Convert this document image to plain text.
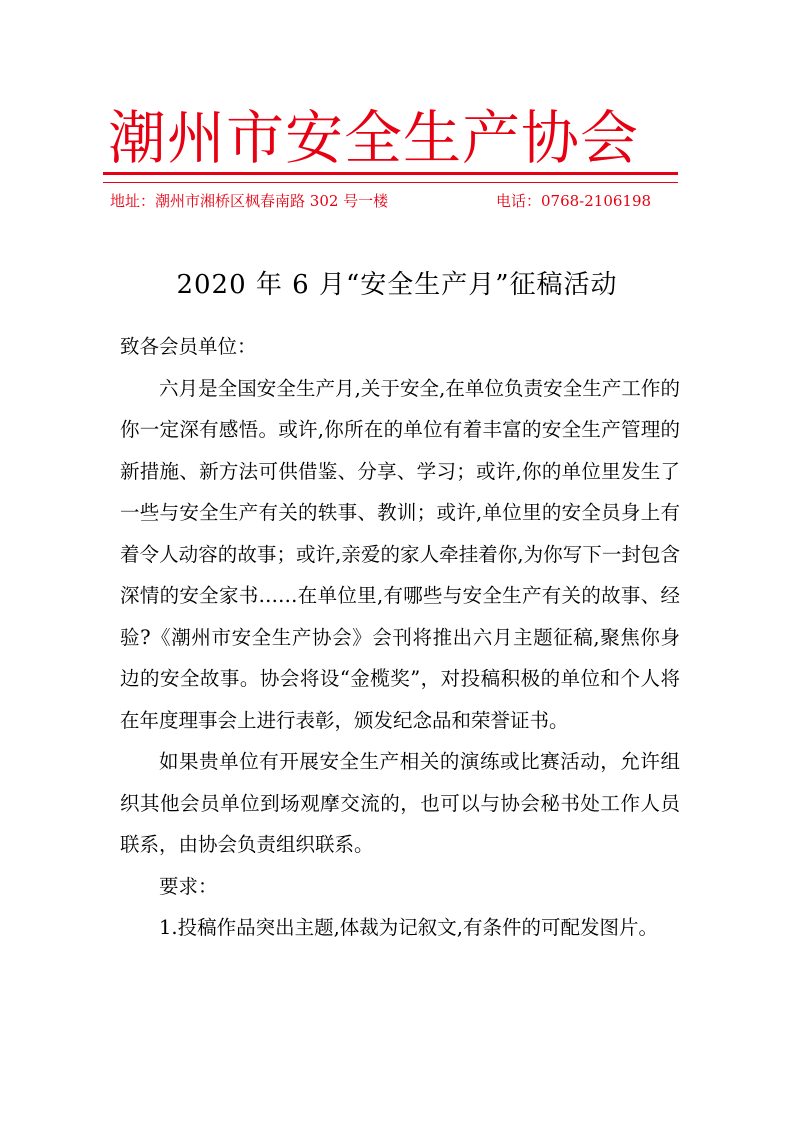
潮州市安全生产协会
地址：潮州市湘桥区枫春南路 302 号一楼	电话：0768-2106198
2020 年 6 月“安全生产月”征稿活动

致各会员单位：

六月是全国安全生产月,关于安全,在单位负责安全生产工作的你一定深有感悟。或许,你所在的单位有着丰富的安全生产管理的新措施、新方法可供借鉴、分享、学习；或许,你的单位里发生了一些与安全生产有关的轶事、教训；或许,单位里的安全员身上有着令人动容的故事；或许,亲爱的家人牵挂着你,为你写下一封包含深情的安全家书……在单位里,有哪些与安全生产有关的故事、经验?《潮州市安全生产协会》会刊将推出六月主题征稿,聚焦你身边的安全故事。协会将设“金榄奖”，对投稿积极的单位和个人将在年度理事会上进行表彰，颁发纪念品和荣誉证书。

如果贵单位有开展安全生产相关的演练或比赛活动，允许组织其他会员单位到场观摩交流的，也可以与协会秘书处工作人员联系，由协会负责组织联系。

要求：

1.投稿作品突出主题,体裁为记叙文,有条件的可配发图片。
